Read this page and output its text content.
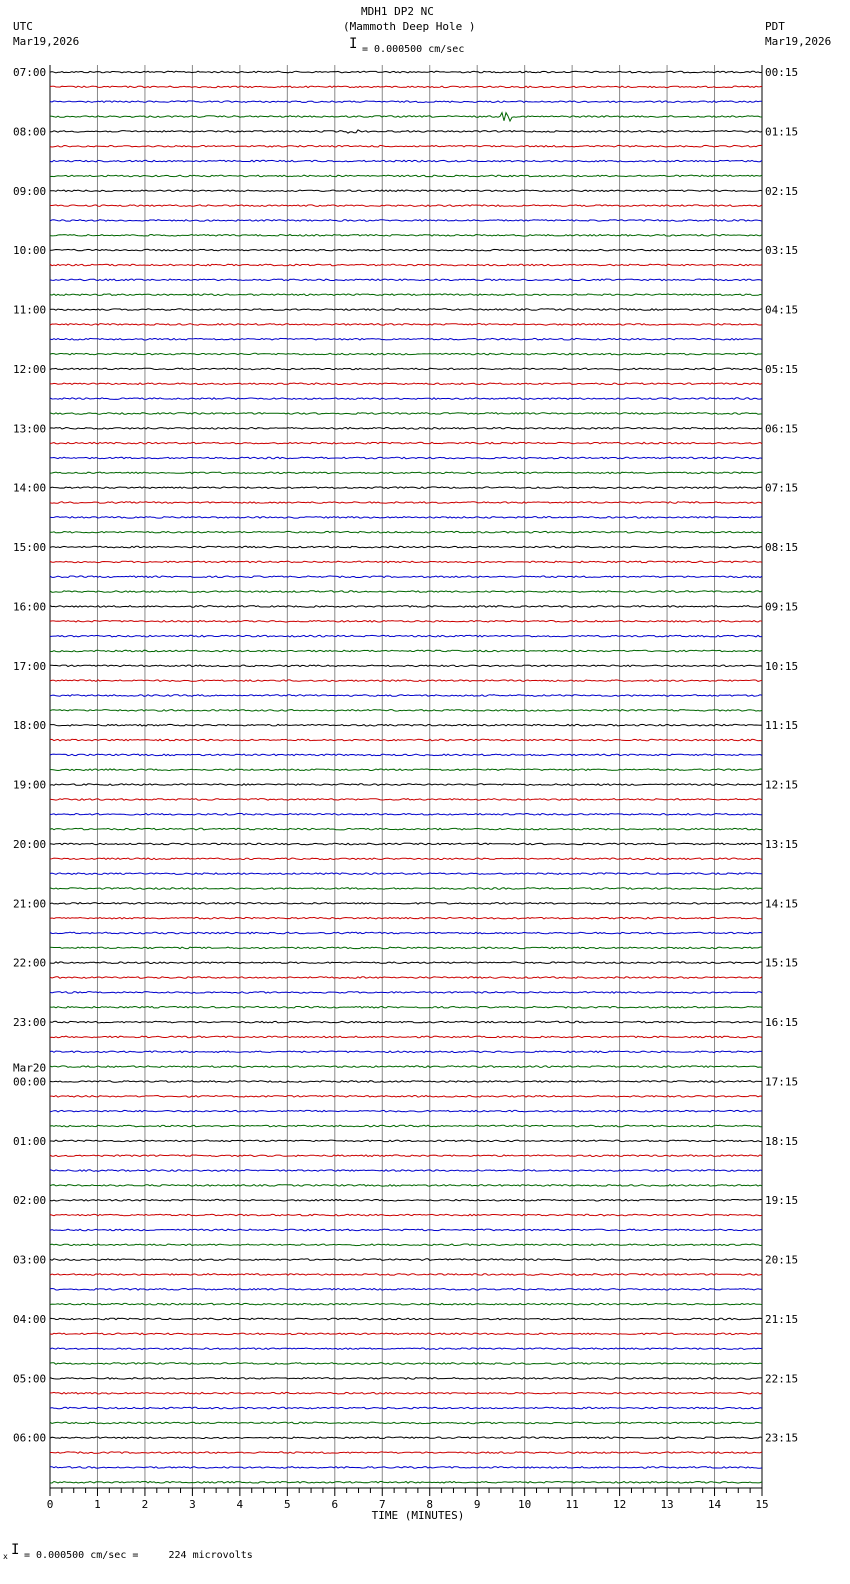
MDH1 DP2 NC
(Mammoth Deep Hole )
I = 0.000500 cm/sec
UTC
Mar19,2026
PDT
Mar19,2026
07:00
08:00
09:00
10:00
11:00
12:00
13:00
14:00
15:00
16:00
17:00
18:00
19:00
20:00
21:00
22:00
23:00
00:00
Mar20
01:00
02:00
03:00
04:00
05:00
06:00
00:15
01:15
02:15
03:15
04:15
05:15
06:15
07:15
08:15
09:15
10:15
11:15
12:15
13:15
14:15
15:15
16:15
17:15
18:15
19:15
20:15
21:15
22:15
23:15
0	1	2	3	4	5	6	7	8	9	10	11	12	13	14	15
TIME (MINUTES)
x I = 0.000500 cm/sec =     224 microvolts
